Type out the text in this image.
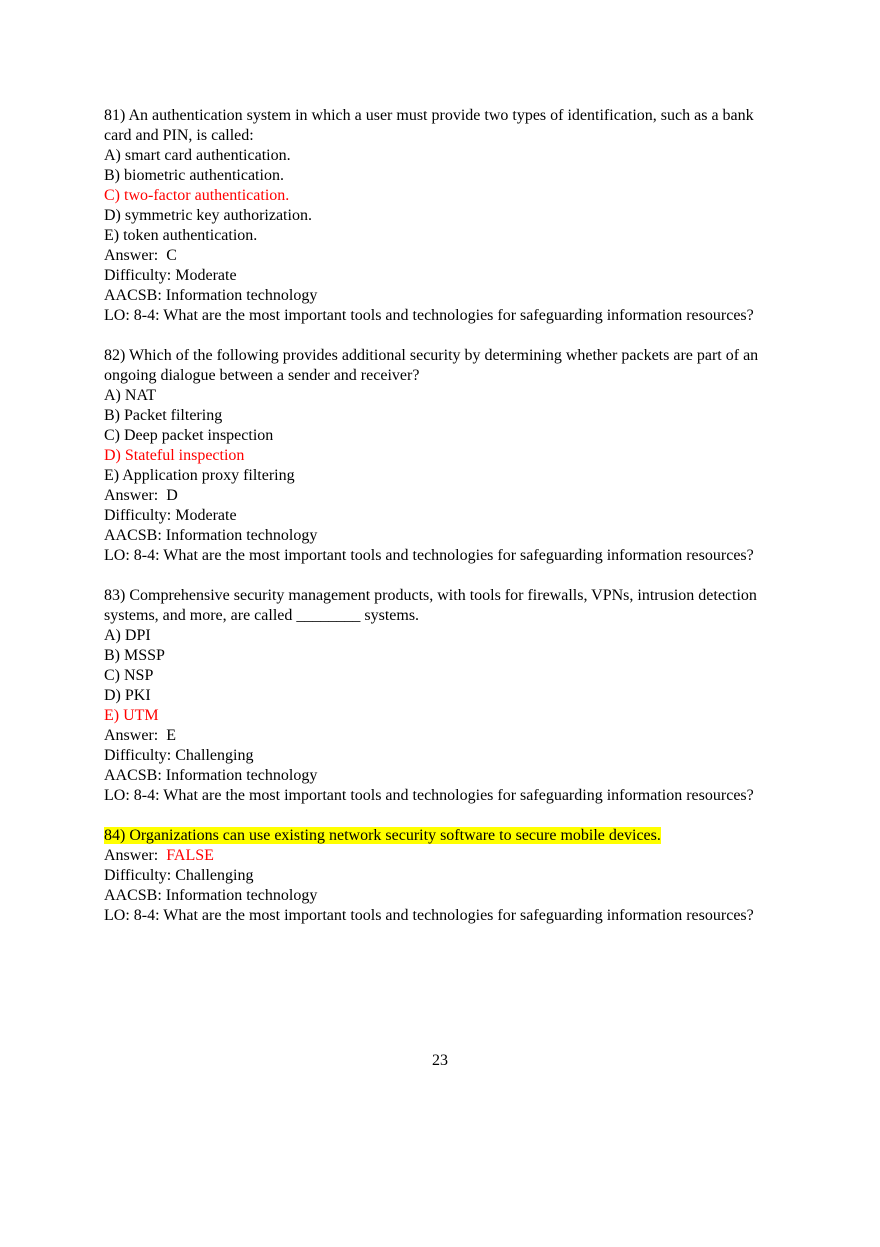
81) An authentication system in which a user must provide two types of identification, such as a bank card and PIN, is called:
A) smart card authentication.
B) biometric authentication.
C) two-factor authentication.
D) symmetric key authorization.
E) token authentication.
Answer: C
Difficulty: Moderate
AACSB: Information technology
LO: 8-4: What are the most important tools and technologies for safeguarding information resources?
82) Which of the following provides additional security by determining whether packets are part of an ongoing dialogue between a sender and receiver?
A) NAT
B) Packet filtering
C) Deep packet inspection
D) Stateful inspection
E) Application proxy filtering
Answer: D
Difficulty: Moderate
AACSB: Information technology
LO: 8-4: What are the most important tools and technologies for safeguarding information resources?
83) Comprehensive security management products, with tools for firewalls, VPNs, intrusion detection systems, and more, are called ________ systems.
A) DPI
B) MSSP
C) NSP
D) PKI
E) UTM
Answer: E
Difficulty: Challenging
AACSB: Information technology
LO: 8-4: What are the most important tools and technologies for safeguarding information resources?
84) Organizations can use existing network security software to secure mobile devices.
Answer: FALSE
Difficulty: Challenging
AACSB: Information technology
LO: 8-4: What are the most important tools and technologies for safeguarding information resources?
23
